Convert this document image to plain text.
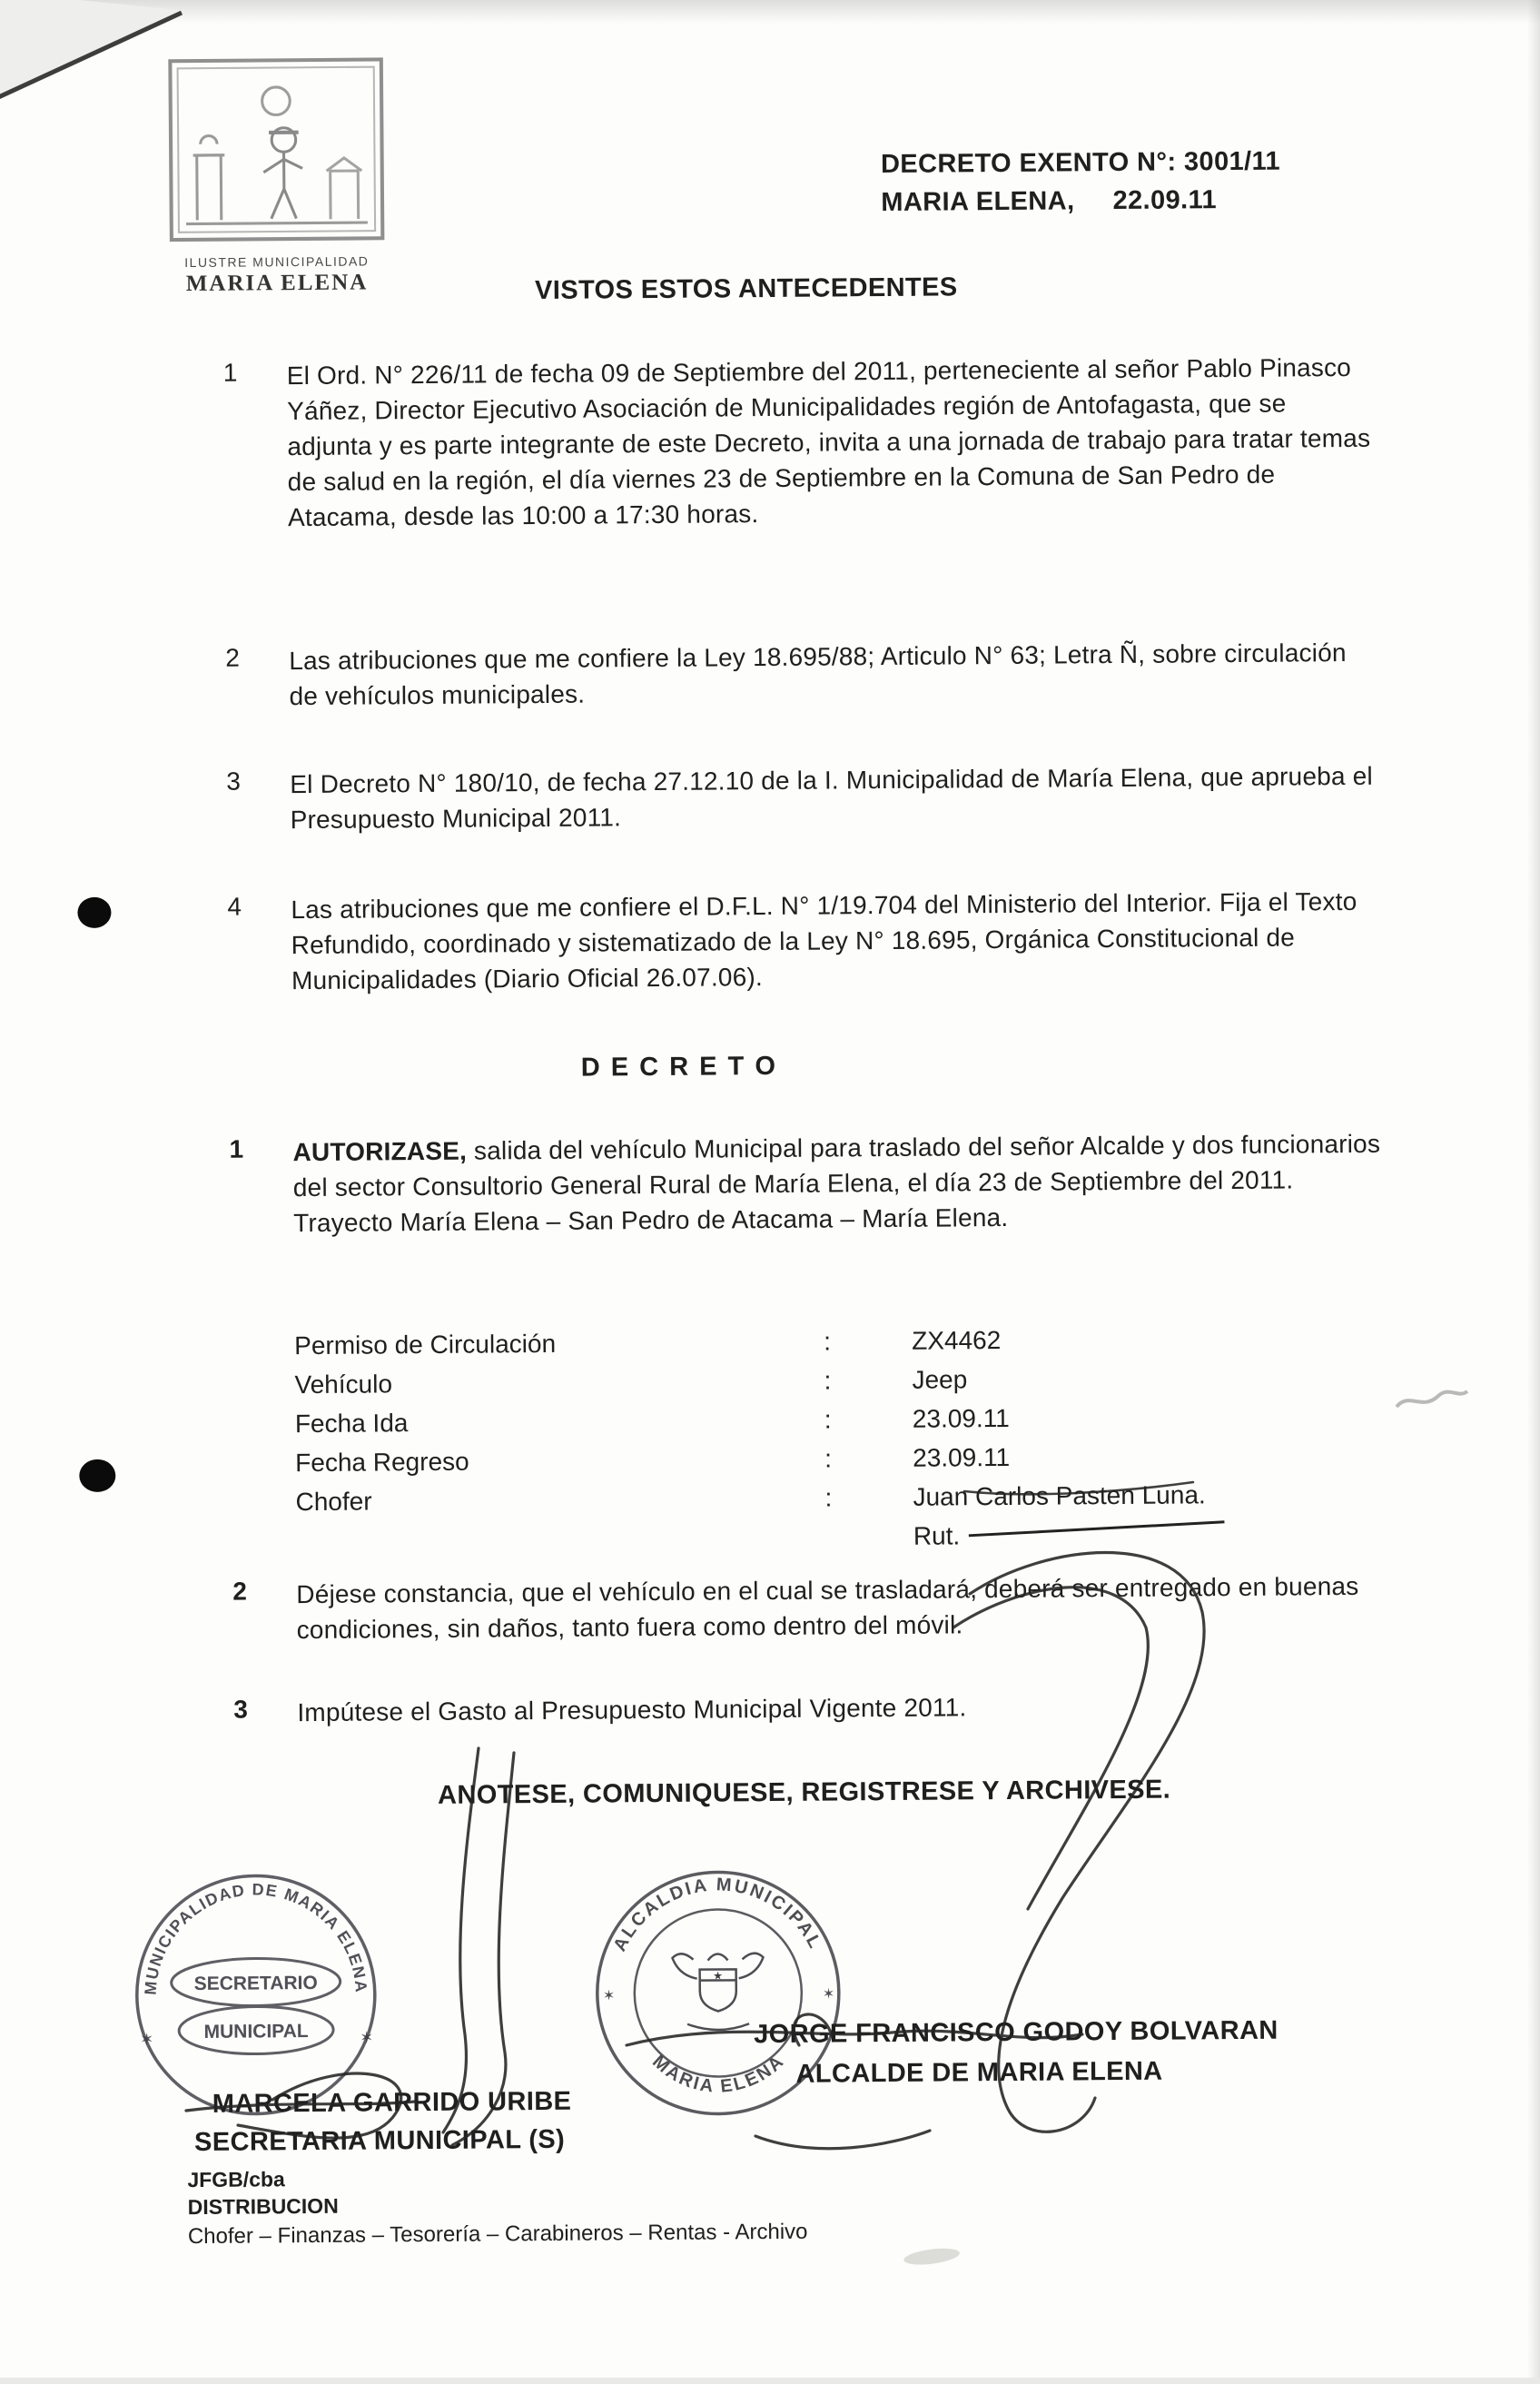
ILUSTRE MUNICIPALIDAD
MARIA ELENA
DECRETO EXENTO N°: 3001/11
MARIA ELENA, 22.09.11
VISTOS ESTOS ANTECEDENTES
1	El Ord. N° 226/11 de fecha 09 de Septiembre del 2011, perteneciente al señor Pablo Pinasco Yáñez, Director Ejecutivo Asociación de Municipalidades región de Antofagasta, que se adjunta y es parte integrante de este Decreto, invita a una jornada de trabajo para tratar temas de salud en la región, el día viernes 23 de Septiembre en la Comuna de San Pedro de Atacama, desde las 10:00 a 17:30 horas.
2	Las atribuciones que me confiere la Ley 18.695/88; Articulo N° 63; Letra Ñ, sobre circulación de vehículos municipales.
3	El Decreto N° 180/10, de fecha 27.12.10 de la I. Municipalidad de María Elena, que aprueba el Presupuesto Municipal 2011.
4	Las atribuciones que me confiere el D.F.L. N° 1/19.704 del Ministerio del Interior. Fija el Texto Refundido, coordinado y sistematizado de la Ley N° 18.695, Orgánica Constitucional de Municipalidades (Diario Oficial 26.07.06).
D E C R E T O
1	AUTORIZASE, salida del vehículo Municipal para traslado del señor Alcalde y dos funcionarios del sector Consultorio General Rural de María Elena, el día 23 de Septiembre del 2011. Trayecto María Elena – San Pedro de Atacama – María Elena.
Permiso de Circulación	:	ZX4462
Vehículo	:	Jeep
Fecha Ida	:	23.09.11
Fecha Regreso	:	23.09.11
Chofer	:	Juan Carlos Pasten Luna.
Rut.
2	Déjese constancia, que el vehículo en el cual se trasladará, deberá ser entregado en buenas condiciones, sin daños, tanto fuera como dentro del móvil.
3	Impútese el Gasto al Presupuesto Municipal Vigente 2011.
ANOTESE, COMUNIQUESE, REGISTRESE Y ARCHIVESE.
MUNICIPALIDAD DE MARIA ELENA
SECRETARIO
MUNICIPAL
✶	✶
ALCALDIA MUNICIPAL
MARIA ELENA
✶	✶
★
JORGE FRANCISCO GODOY BOLVARAN
ALCALDE DE MARIA ELENA
MARCELA GARRIDO URIBE
SECRETARIA MUNICIPAL (S)
JFGB/cba
DISTRIBUCION
Chofer – Finanzas – Tesorería – Carabineros – Rentas - Archivo
